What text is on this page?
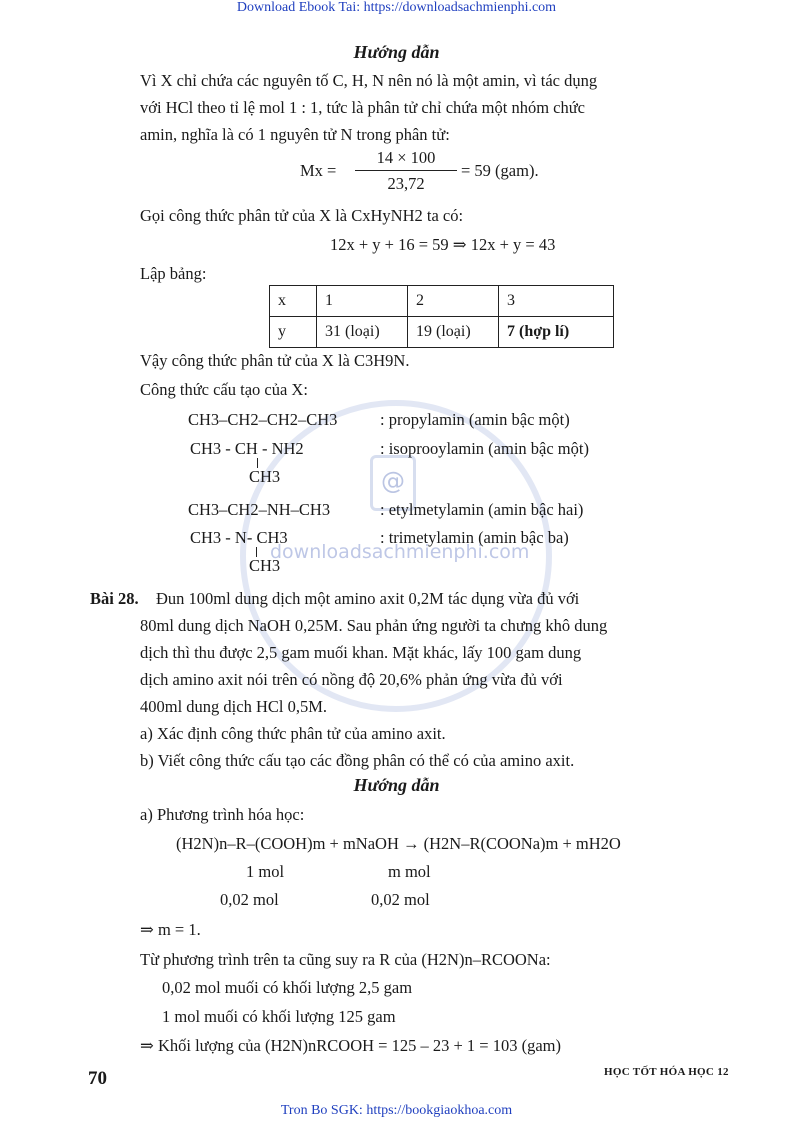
Download Ebook Tai: https://downloadsachmienphi.com
@
downloadsachmienphi.com
Hướng dẫn
Vì X chỉ chứa các nguyên tố C, H, N nên nó là một amin, vì tác dụng
với HCl theo tỉ lệ mol 1 : 1, tức là phân tử chỉ chứa một nhóm chức
amin, nghĩa là có 1 nguyên tử N trong phân tử:
$Mx = \frac{14 \times 100}{23,72} = 59$ (gam).
Gọi công thức phân tử của X là CxHyNH2 ta có:
12x + y + 16 = 59 ⇒ 12x + y = 43
Lập bảng:
x	1	2	3
y	31 (loại)	19 (loại)	7 (hợp lí)
Vậy công thức phân tử của X là C3H9N.
Công thức cấu tạo của X:
CH3–CH2–CH2–CH3	: propylamin (amin bậc một)
CH3 - CH - NH2	: isoprooylamin (amin bậc một)
CH3
CH3–CH2–NH–CH3	: etylmetylamin (amin bậc hai)
CH3 - N- CH3	: trimetylamin (amin bậc ba)
CH3
Bài 28. Đun 100ml dung dịch một amino axit 0,2M tác dụng vừa đủ với
80ml dung dịch NaOH 0,25M. Sau phản ứng người ta chưng khô dung
dịch thì thu được 2,5 gam muối khan. Mặt khác, lấy 100 gam dung
dịch amino axit nói trên có nồng độ 20,6% phản ứng vừa đủ với
400ml dung dịch HCl 0,5M.
a) Xác định công thức phân tử của amino axit.
b) Viết công thức cấu tạo các đồng phân có thể có của amino axit.
Hướng dẫn
a) Phương trình hóa học:
(H2N)n–R–(COOH)m + mNaOH → (H2N–R(COONa)m + mH2O
1 mol	m mol
0,02 mol	0,02 mol
⇒ m = 1.
Từ phương trình trên ta cũng suy ra R của (H2N)n–RCOONa:
0,02 mol muối có khối lượng 2,5 gam
1 mol muối có khối lượng 125 gam
⇒ Khối lượng của (H2N)nRCOOH = 125 – 23 + 1 = 103 (gam)
70	HỌC TỐT HÓA HỌC 12
Tron Bo SGK: https://bookgiaokhoa.com
